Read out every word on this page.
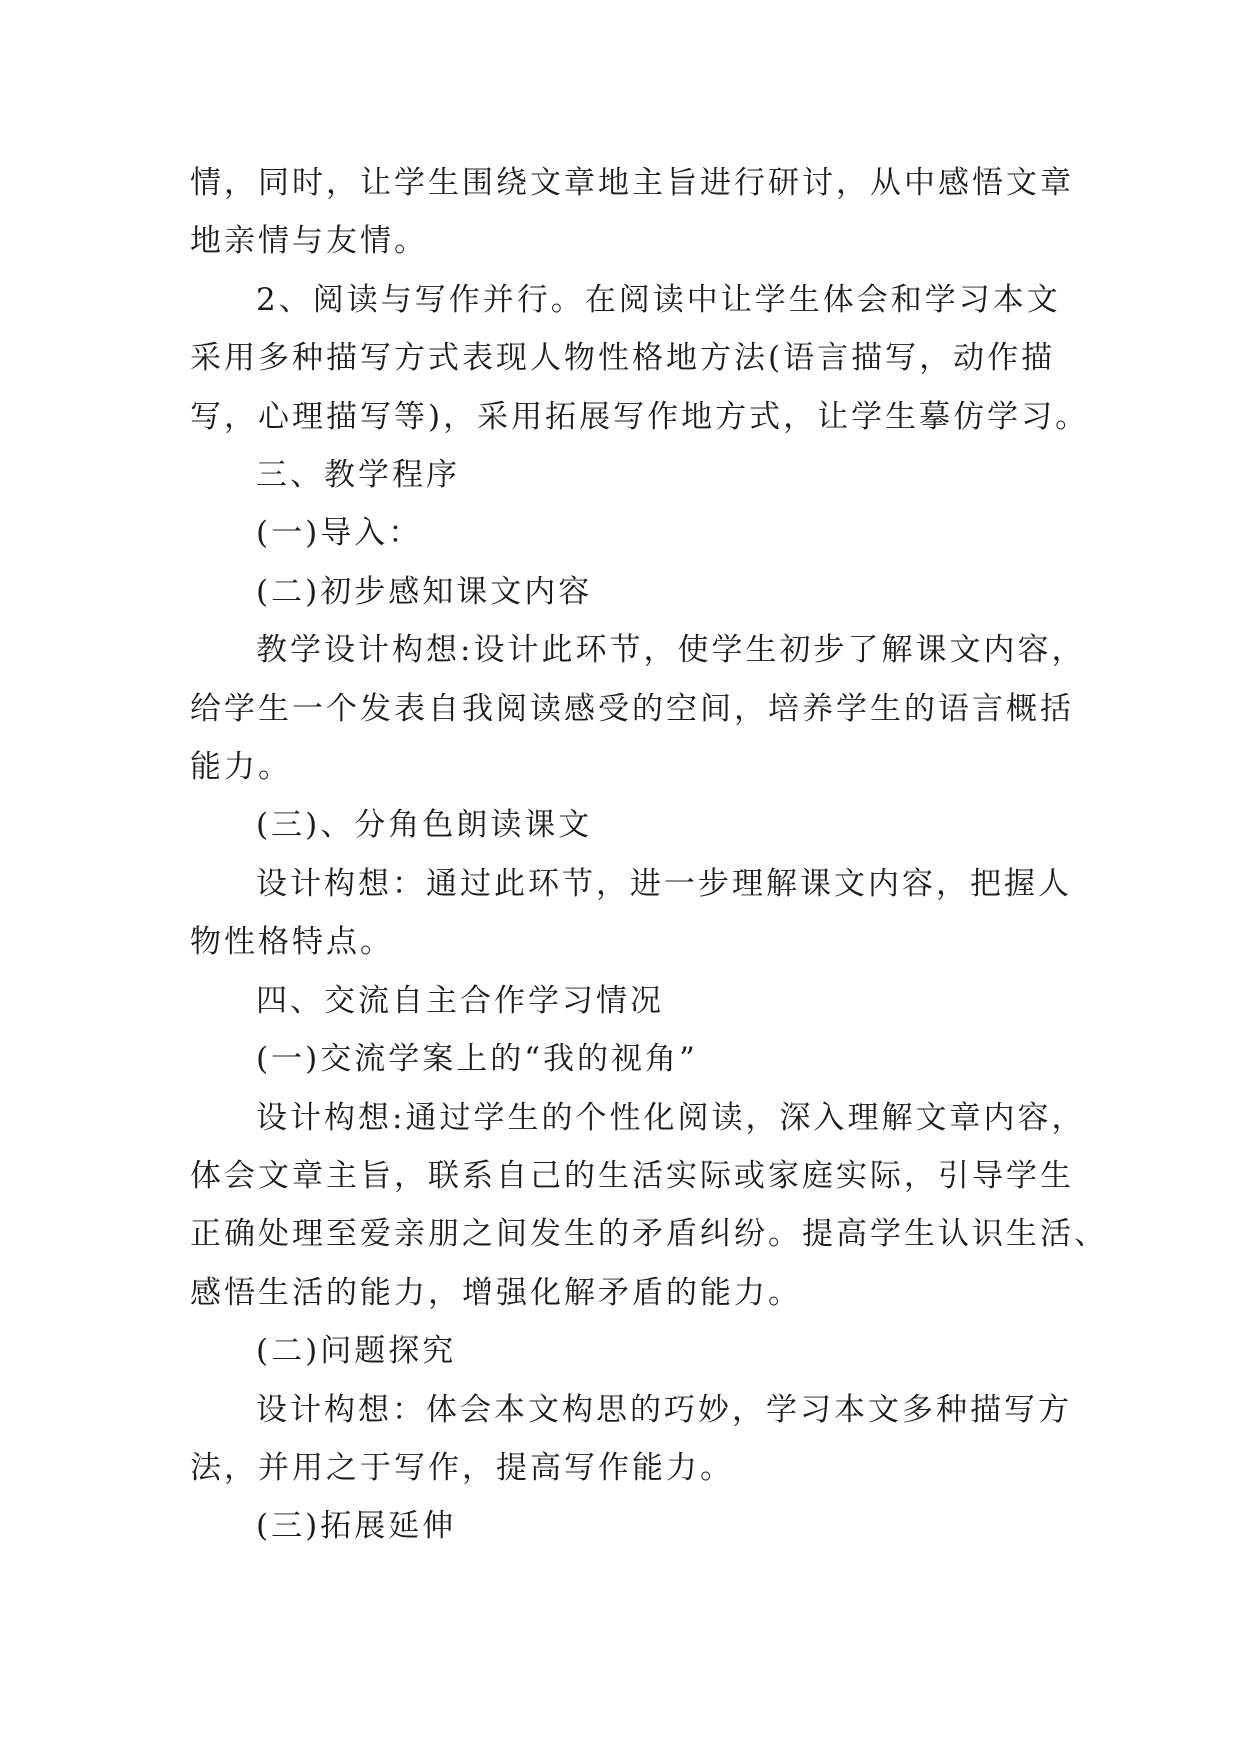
情，同时，让学生围绕文章地主旨进行研讨，从中感悟文章

地亲情与友情。

2、阅读与写作并行。在阅读中让学生体会和学习本文

采用多种描写方式表现人物性格地方法(语言描写，动作描

写，心理描写等)，采用拓展写作地方式，让学生摹仿学习。

三、教学程序

(一)导入：

(二)初步感知课文内容

教学设计构想:设计此环节，使学生初步了解课文内容，

给学生一个发表自我阅读感受的空间，培养学生的语言概括

能力。

(三)、分角色朗读课文

设计构想：通过此环节，进一步理解课文内容，把握人

物性格特点。

四、交流自主合作学习情况

(一)交流学案上的“我的视角”

设计构想:通过学生的个性化阅读，深入理解文章内容，

体会文章主旨，联系自己的生活实际或家庭实际，引导学生

正确处理至爱亲朋之间发生的矛盾纠纷。提高学生认识生活、

感悟生活的能力，增强化解矛盾的能力。

(二)问题探究

设计构想：体会本文构思的巧妙，学习本文多种描写方

法，并用之于写作，提高写作能力。

(三)拓展延伸
